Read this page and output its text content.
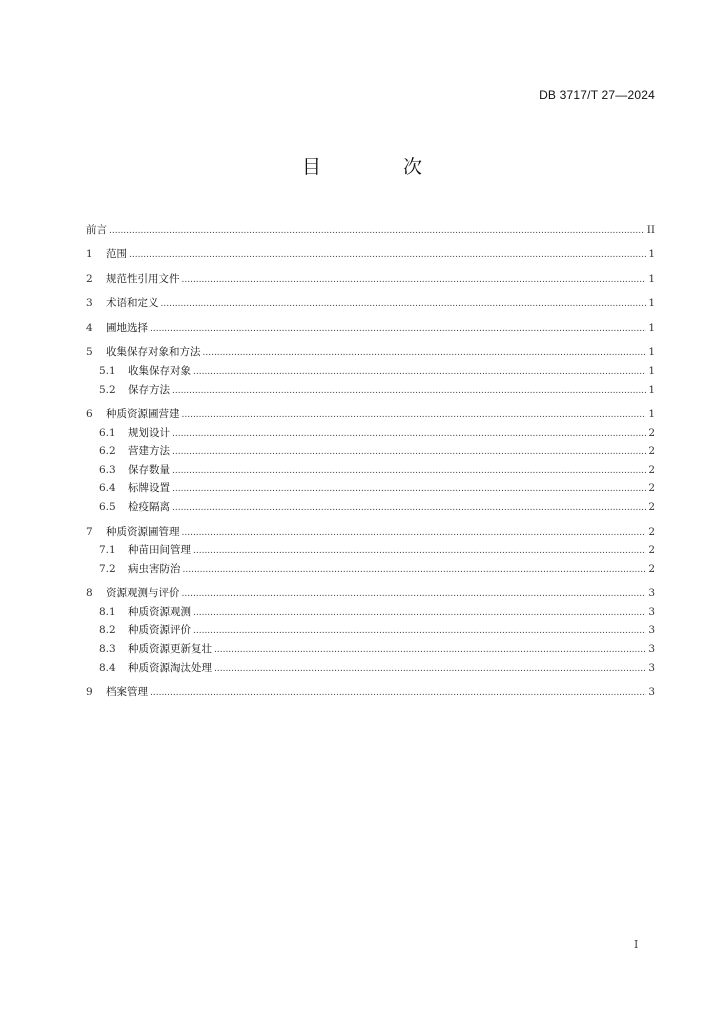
DB 3717/T 27—2024
目 次
前言 .....	II
1	范围 .....	1
2	规范性引用文件 .....	1
3	术语和定义 .....	1
4	圃地选择 .....	1
5	收集保存对象和方法 .....	1
5.1	收集保存对象 .....	1
5.2	保存方法 .....	1
6	种质资源圃营建 .....	1
6.1	规划设计 .....	2
6.2	营建方法 .....	2
6.3	保存数量 .....	2
6.4	标牌设置 .....	2
6.5	检疫隔离 .....	2
7	种质资源圃管理 .....	2
7.1	种苗田间管理 .....	2
7.2	病虫害防治 .....	2
8	资源观测与评价 .....	3
8.1	种质资源观测 .....	3
8.2	种质资源评价 .....	3
8.3	种质资源更新复壮 .....	3
8.4	种质资源淘汰处理 .....	3
9	档案管理 .....	3
I
